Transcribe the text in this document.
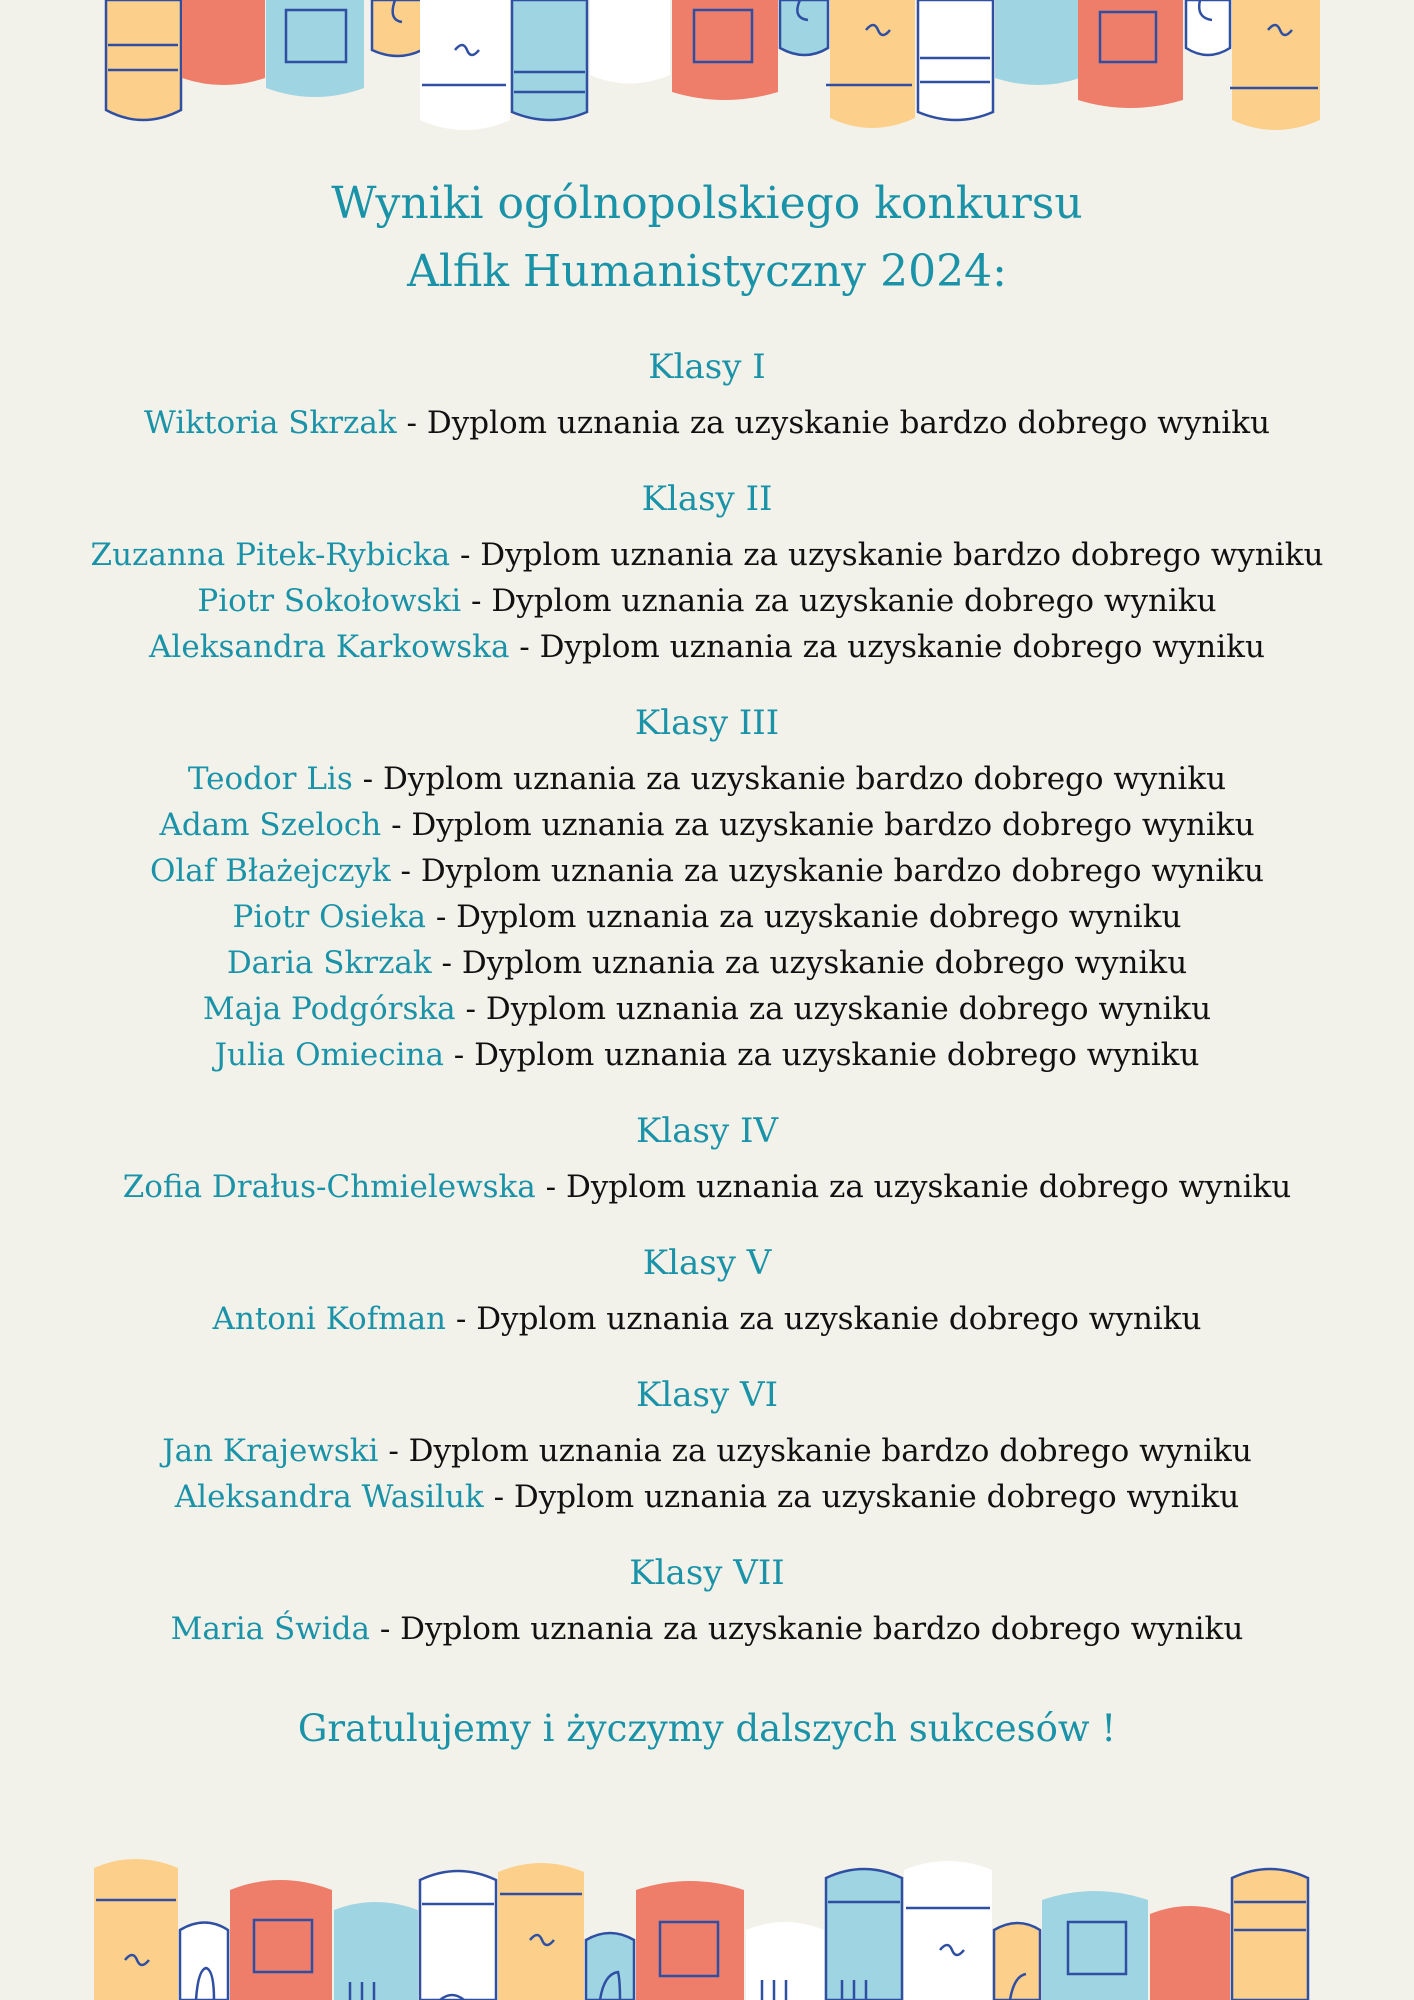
Wyniki ogólnopolskiego konkursu
Alfik Humanistyczny 2024:
Klasy I
Wiktoria Skrzak - Dyplom uznania za uzyskanie bardzo dobrego wyniku
Klasy II
Zuzanna Pitek-Rybicka - Dyplom uznania za uzyskanie bardzo dobrego wyniku
Piotr Sokołowski - Dyplom uznania za uzyskanie dobrego wyniku
Aleksandra Karkowska - Dyplom uznania za uzyskanie dobrego wyniku
Klasy III
Teodor Lis - Dyplom uznania za uzyskanie bardzo dobrego wyniku
Adam Szeloch - Dyplom uznania za uzyskanie bardzo dobrego wyniku
Olaf Błażejczyk - Dyplom uznania za uzyskanie bardzo dobrego wyniku
Piotr Osieka - Dyplom uznania za uzyskanie dobrego wyniku
Daria Skrzak - Dyplom uznania za uzyskanie dobrego wyniku
Maja Podgórska - Dyplom uznania za uzyskanie dobrego wyniku
Julia Omiecina - Dyplom uznania za uzyskanie dobrego wyniku
Klasy IV
Zofia Drałus-Chmielewska - Dyplom uznania za uzyskanie dobrego wyniku
Klasy V
Antoni Kofman - Dyplom uznania za uzyskanie dobrego wyniku
Klasy VI
Jan Krajewski - Dyplom uznania za uzyskanie bardzo dobrego wyniku
Aleksandra Wasiluk - Dyplom uznania za uzyskanie dobrego wyniku
Klasy VII
Maria Świda - Dyplom uznania za uzyskanie bardzo dobrego wyniku
Gratulujemy i życzymy dalszych sukcesów !
